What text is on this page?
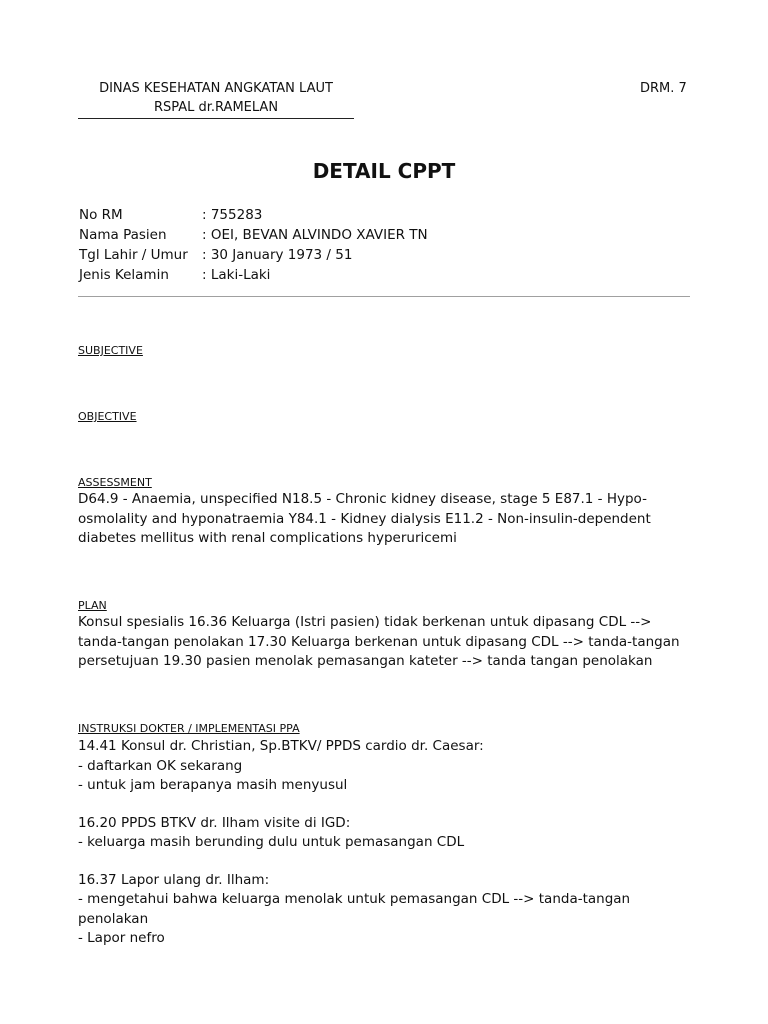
DINAS KESEHATAN ANGKATAN LAUT
RSPAL dr.RAMELAN
DRM. 7
DETAIL CPPT
No RM	: 755283
Nama Pasien	: OEI, BEVAN ALVINDO XAVIER TN
Tgl Lahir / Umur	: 30 January 1973 / 51
Jenis Kelamin	: Laki-Laki
SUBJECTIVE
OBJECTIVE
ASSESSMENT
D64.9 - Anaemia, unspecified N18.5 - Chronic kidney disease, stage 5 E87.1 - Hypo-
osmolality and hyponatraemia Y84.1 - Kidney dialysis E11.2 - Non-insulin-dependent
diabetes mellitus with renal complications hyperuricemi
PLAN
Konsul spesialis 16.36 Keluarga (Istri pasien) tidak berkenan untuk dipasang CDL -->
tanda-tangan penolakan 17.30 Keluarga berkenan untuk dipasang CDL --> tanda-tangan
persetujuan 19.30 pasien menolak pemasangan kateter --> tanda tangan penolakan
INSTRUKSI DOKTER / IMPLEMENTASI PPA
14.41 Konsul dr. Christian, Sp.BTKV/ PPDS cardio dr. Caesar:
- daftarkan OK sekarang
- untuk jam berapanya masih menyusul
16.20 PPDS BTKV dr. Ilham visite di IGD:
- keluarga masih berunding dulu untuk pemasangan CDL
16.37 Lapor ulang dr. Ilham:
- mengetahui bahwa keluarga menolak untuk pemasangan CDL --> tanda-tangan
penolakan
- Lapor nefro
